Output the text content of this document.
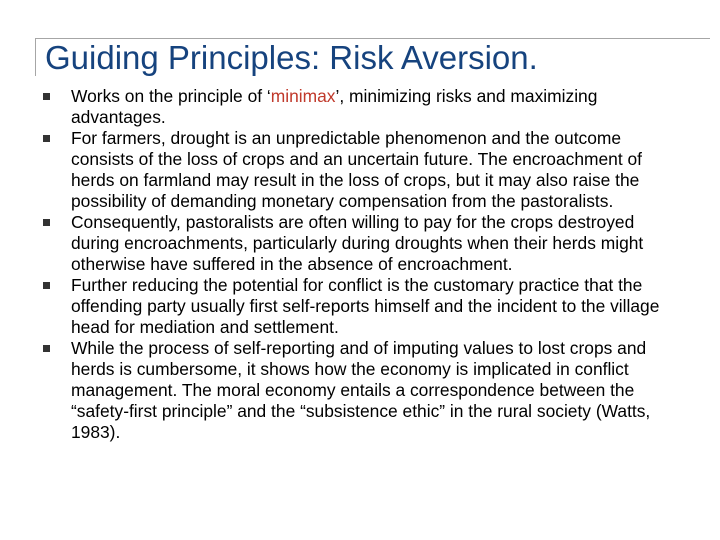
Guiding Principles: Risk Aversion.
Works on the principle of ‘minimax’, minimizing risks and maximizing advantages.
For farmers, drought is an unpredictable phenomenon and the outcome consists of the loss of crops and an uncertain future. The encroachment of herds on farmland may result in the loss of crops, but it may also raise the possibility of demanding monetary compensation from the pastoralists.
Consequently, pastoralists are often willing to pay for the crops destroyed during encroachments, particularly during droughts when their herds might otherwise have suffered in the absence of encroachment.
Further reducing the potential for conflict is the customary practice that the offending party usually first self-reports himself and the incident to the village head for mediation and settlement.
While the process of self-reporting and of imputing values to lost crops and herds is cumbersome, it shows how the economy is implicated in conflict management. The moral economy entails a correspondence between the “safety-first principle” and the “subsistence ethic” in the rural society (Watts, 1983).
